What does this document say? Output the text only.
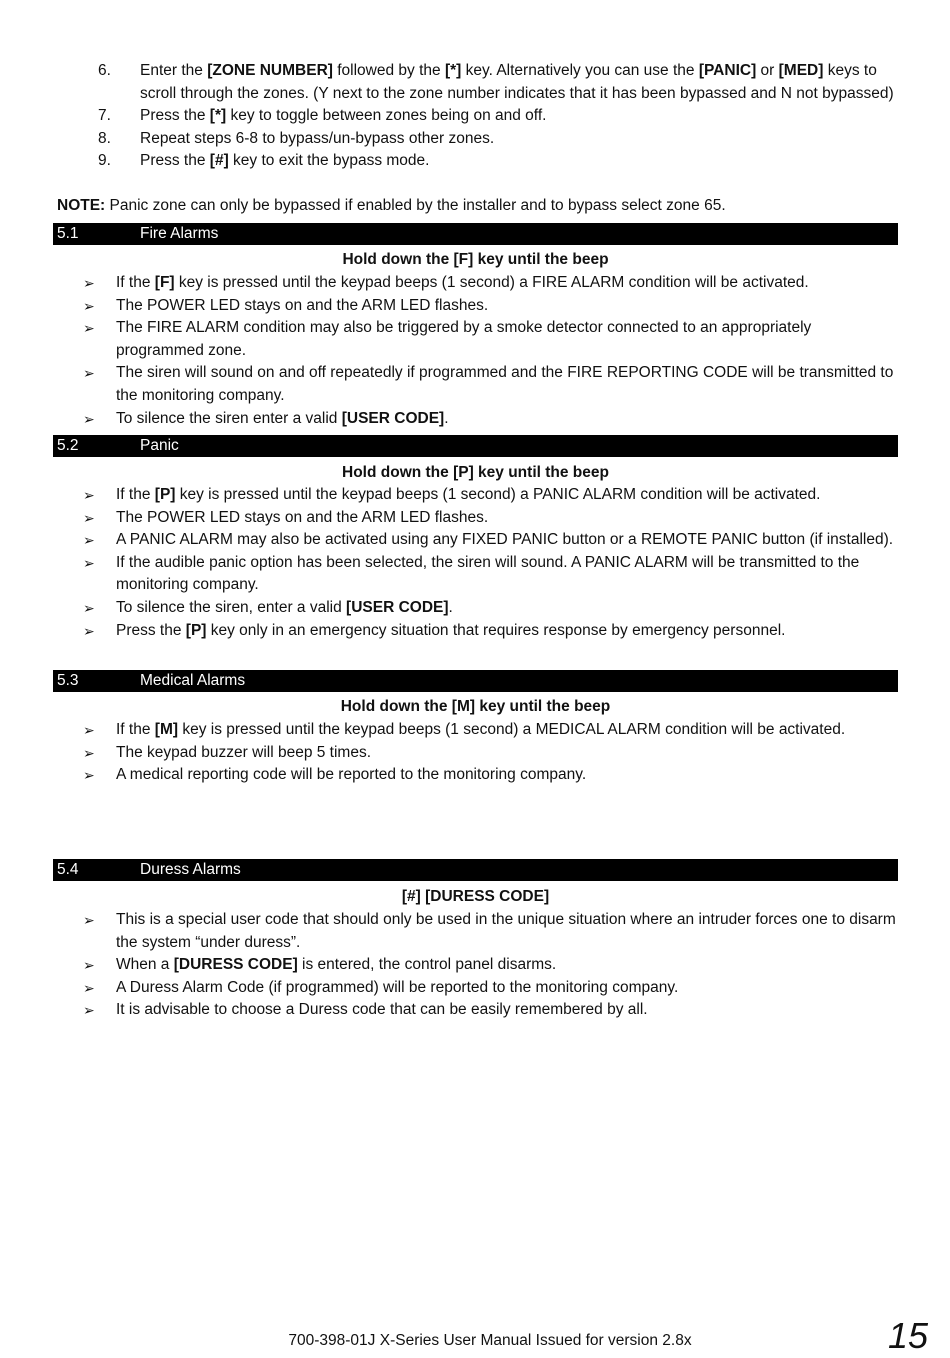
6. Enter the [ZONE NUMBER] followed by the [*] key. Alternatively you can use the [PANIC] or [MED] keys to scroll through the zones. (Y next to the zone number indicates that it has been bypassed and N not bypassed)
7. Press the [*] key to toggle between zones being on and off.
8. Repeat steps 6-8 to bypass/un-bypass other zones.
9. Press the [#] key to exit the bypass mode.
NOTE: Panic zone can only be bypassed if enabled by the installer and to bypass select zone 65.
5.1	Fire Alarms
Hold down the [F] key until the beep
➢ If the [F] key is pressed until the keypad beeps (1 second) a FIRE ALARM condition will be activated.
➢ The POWER LED stays on and the ARM LED flashes.
➢ The FIRE ALARM condition may also be triggered by a smoke detector connected to an appropriately programmed zone.
➢ The siren will sound on and off repeatedly if programmed and the FIRE REPORTING CODE will be transmitted to the monitoring company.
➢ To silence the siren enter a valid [USER CODE].
5.2	Panic
Hold down the [P] key until the beep
➢ If the [P] key is pressed until the keypad beeps (1 second) a PANIC ALARM condition will be activated.
➢ The POWER LED stays on and the ARM LED flashes.
➢ A PANIC ALARM may also be activated using any FIXED PANIC button or a REMOTE PANIC button (if installed).
➢ If the audible panic option has been selected, the siren will sound. A PANIC ALARM will be transmitted to the monitoring company.
➢ To silence the siren, enter a valid [USER CODE].
➢ Press the [P] key only in an emergency situation that requires response by emergency personnel.
5.3	Medical Alarms
Hold down the [M] key until the beep
➢ If the [M] key is pressed until the keypad beeps (1 second) a MEDICAL ALARM condition will be activated.
➢ The keypad buzzer will beep 5 times.
➢ A medical reporting code will be reported to the monitoring company.
5.4	Duress Alarms
[#] [DURESS CODE]
➢ This is a special user code that should only be used in the unique situation where an intruder forces one to disarm the system “under duress”.
➢ When a [DURESS CODE] is entered, the control panel disarms.
➢ A Duress Alarm Code (if programmed) will be reported to the monitoring company.
➢ It is advisable to choose a Duress code that can be easily remembered by all.
700-398-01J X-Series User Manual Issued for version 2.8x	15
